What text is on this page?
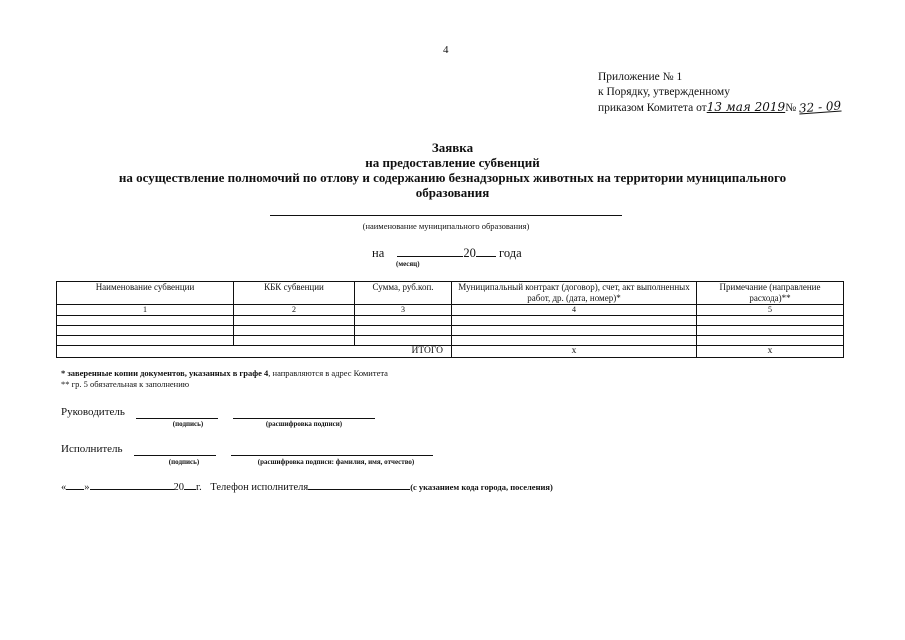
4
Приложение № 1
к Порядку, утвержденному
приказом Комитета от13 мая 2019№ 32 - 09
Заявка
на предоставление субвенций
на осуществление полномочий по отлову и содержанию безнадзорных животных на территории муниципального
образования
(наименование муниципального образования)
на	20 года
(месяц)
Наименование субвенции	КБК субвенции	Сумма, руб.коп.	Муниципальный контракт (договор), счет, акт выполненных работ, др. (дата, номер)*	Примечание (направление расхода)**
1	2	3	4	5

ИТОГО			х	х
* заверенные копии документов, указанных в графе 4, направляются в адрес Комитета
** гр. 5 обязательная к заполнению
Руководитель
(подпись)	(расшифровка подписи)
Исполнитель
(подпись)	(расшифровка подписи: фамилия, имя, отчество)
« »	20 г. Телефон исполнителя	(с указанием кода города, поселения)
